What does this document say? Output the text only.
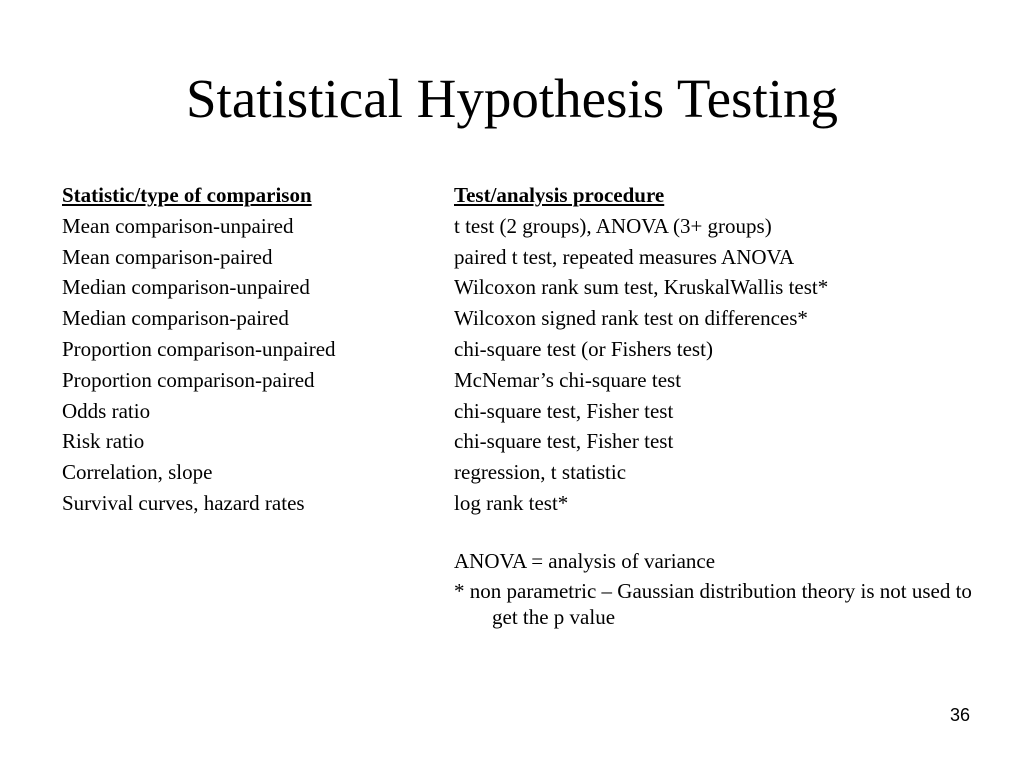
Statistical Hypothesis Testing
Statistic/type of comparison
Mean comparison-unpaired
Mean comparison-paired
Median comparison-unpaired
Median comparison-paired
Proportion comparison-unpaired
Proportion comparison-paired
Odds ratio
Risk ratio
Correlation, slope
Survival curves, hazard rates
Test/analysis procedure
t test (2 groups), ANOVA (3+ groups)
paired t test, repeated measures ANOVA
Wilcoxon rank sum test, KruskalWallis test*
Wilcoxon signed rank test on differences*
chi-square test (or Fishers test)
McNemar’s chi-square test
chi-square test, Fisher test
chi-square test, Fisher test
regression, t statistic
log rank test*
ANOVA = analysis of variance
* non parametric – Gaussian distribution theory is not used to get the p value
36
